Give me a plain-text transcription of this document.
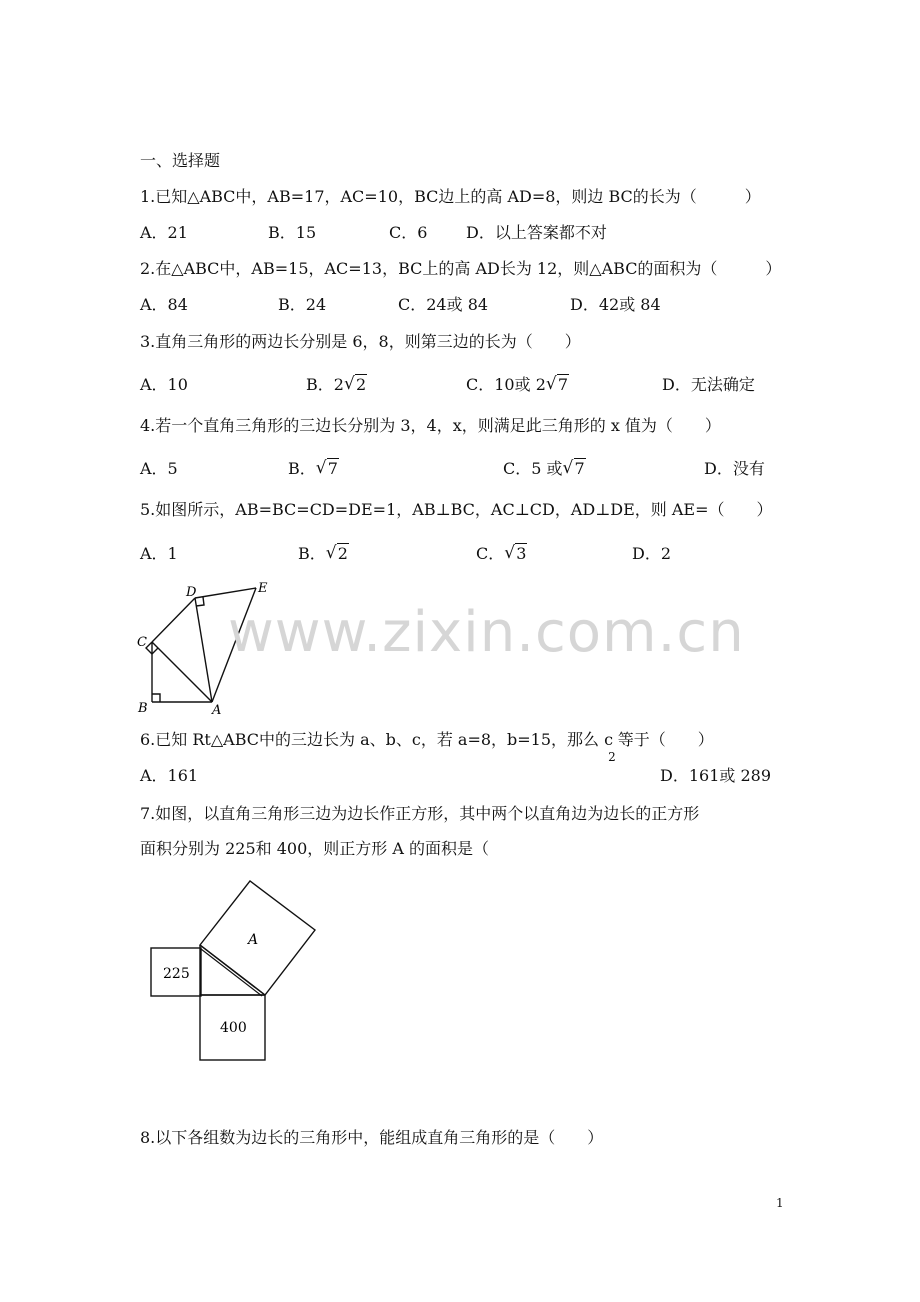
一、选择题
1.已知△ABC中，AB=17，AC=10，BC边上的高 AD=8，则边 BC的长为（　　　）
A．21	B．15	C．6 D．以上答案都不对
2.在△ABC中，AB=15，AC=13，BC上的高 AD长为 12，则△ABC的面积为（　　　）
A．84	B．24	C．24或 84	D．42或 84
3.直角三角形的两边长分别是 6，8，则第三边的长为（　　）
A．10	B．2 √ 2	C．10或 2 √ 7	D．无法确定
4.若一个直角三角形的三边长分别为 3，4，x，则满足此三角形的 x 值为（　　）
A．5	B． √ 7	C．5 或 √ 7	D．没有
5.如图所示，AB=BC=CD=DE=1，AB⊥BC，AC⊥CD，AD⊥DE，则 AE=（　　）
A．1	B． √ 2	C． √ 3	D．2
B	A
C
D	E
www.zixin.com.cn
6.已知 Rt△ABC中的三边长为 a、b、c，若 a=8，b=15，那么 $c_2$等于（　　）
A．161	D．161或 289
7.如图，以直角三角形三边为边长作正方形，其中两个以直角边为边长的正方形
面积分别为 225和 400，则正方形 A 的面积是（
225
400
A
8.以下各组数为边长的三角形中，能组成直角三角形的是（　　）
1
